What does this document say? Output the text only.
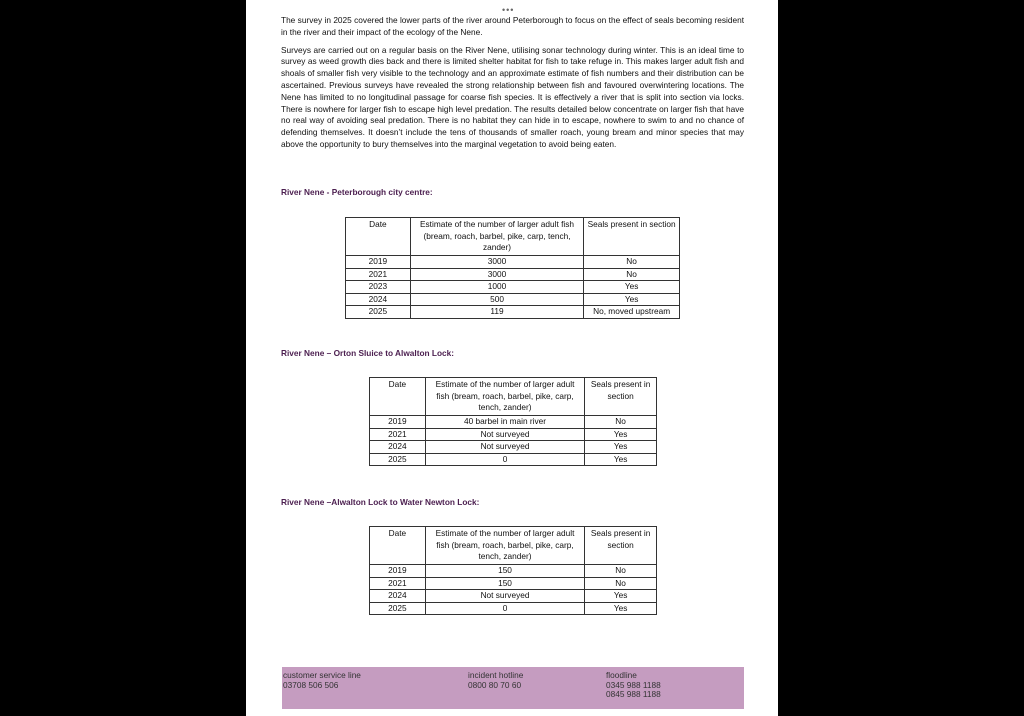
•••

The survey in 2025 covered the lower parts of the river around Peterborough to focus on the effect of seals becoming resident in the river and their impact of the ecology of the Nene.

Surveys are carried out on a regular basis on the River Nene, utilising sonar technology during winter. This is an ideal time to survey as weed growth dies back and there is limited shelter habitat for fish to take refuge in. This makes larger adult fish and shoals of smaller fish very visible to the technology and an approximate estimate of fish numbers and their distribution can be ascertained. Previous surveys have revealed the strong relationship between fish and favoured overwintering locations. The Nene has limited to no longitudinal passage for coarse fish species. It is effectively a river that is split into section via locks. There is nowhere for larger fish to escape high level predation. The results detailed below concentrate on larger fish that have no real way of avoiding seal predation. There is no habitat they can hide in to escape, nowhere to swim to and no chance of defending themselves. It doesn’t include the tens of thousands of smaller roach, young bream and minor species that may above the opportunity to bury themselves into the marginal vegetation to avoid being eaten.

River Nene - Peterborough city centre:
Date	Estimate of the number of larger adult fish (bream, roach, barbel, pike, carp, tench, zander)	Seals present in section
2019	3000	No
2021	3000	No
2023	1000	Yes
2024	500	Yes
2025	119	No, moved upstream
River Nene – Orton Sluice to Alwalton Lock:
Date	Estimate of the number of larger adult fish (bream, roach, barbel, pike, carp, tench, zander)	Seals present in section
2019	40 barbel in main river	No
2021	Not surveyed	Yes
2024	Not surveyed	Yes
2025	0	Yes
River Nene –Alwalton Lock to Water Newton Lock:
Date	Estimate of the number of larger adult fish (bream, roach, barbel, pike, carp, tench, zander)	Seals present in section
2019	150	No
2021	150	No
2024	Not surveyed	Yes
2025	0	Yes
customer service line
03708 506 506
incident hotline
0800 80 70 60
floodline
0345 988 1188
0845 988 1188
